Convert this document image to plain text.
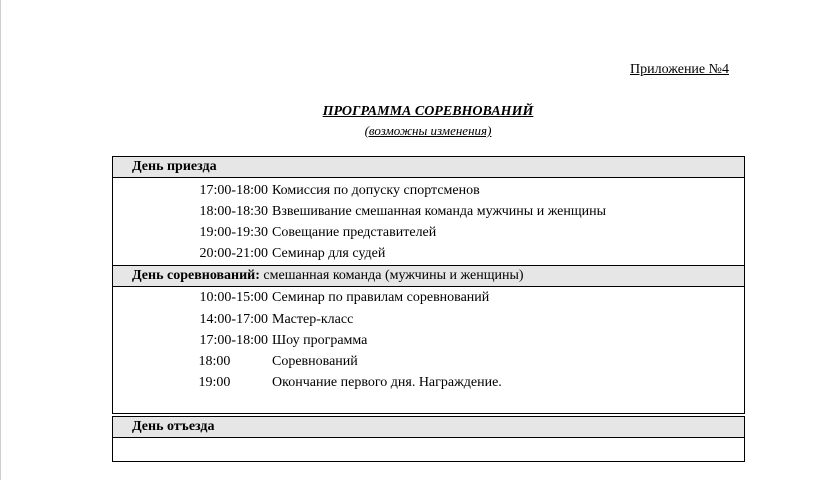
Приложение №4
ПРОГРАММА СОРЕВНОВАНИЙ
(возможны изменения)
День приезда
17:00-18:00 Комиссия по допуску спортсменов
18:00-18:30 Взвешивание смешанная команда мужчины и женщины
19:00-19:30 Совещание представителей
20:00-21:00 Семинар для судей
День соревнований: смешанная команда (мужчины и женщины)
10:00-15:00 Семинар по правилам соревнований
14:00-17:00 Мастер-класс
17:00-18:00 Шоу программа
18:00	Соревнований
19:00	Окончание первого дня. Награждение.
День отъезда
